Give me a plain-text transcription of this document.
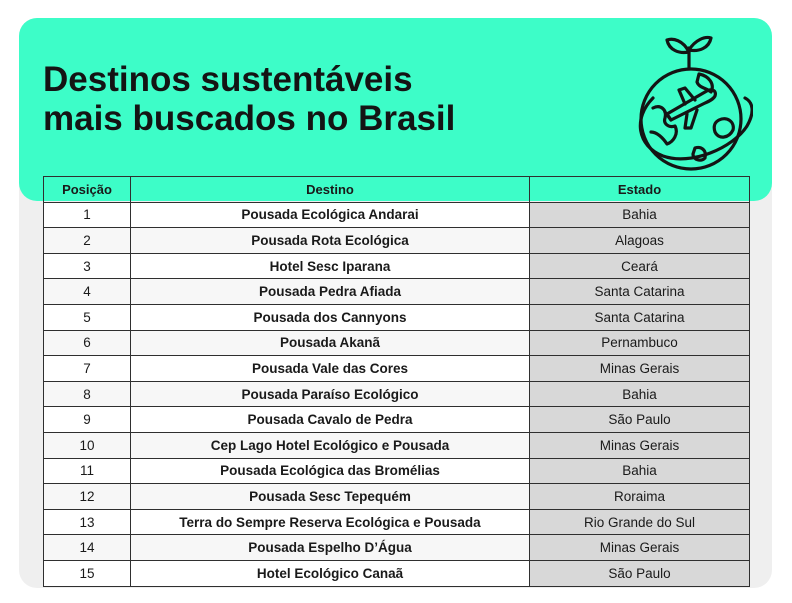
Destinos sustentáveis
mais buscados no Brasil
Posição	Destino	Estado
1	Pousada Ecológica Andarai	Bahia
2	Pousada Rota Ecológica	Alagoas
3	Hotel Sesc Iparana	Ceará
4	Pousada Pedra Afiada	Santa Catarina
5	Pousada dos Cannyons	Santa Catarina
6	Pousada Akanã	Pernambuco
7	Pousada Vale das Cores	Minas Gerais
8	Pousada Paraíso Ecológico	Bahia
9	Pousada Cavalo de Pedra	São Paulo
10	Cep Lago Hotel Ecológico e Pousada	Minas Gerais
11	Pousada Ecológica das Bromélias	Bahia
12	Pousada Sesc Tepequém	Roraima
13	Terra do Sempre Reserva Ecológica e Pousada	Rio Grande do Sul
14	Pousada Espelho D’Água	Minas Gerais
15	Hotel Ecológico Canaã	São Paulo
